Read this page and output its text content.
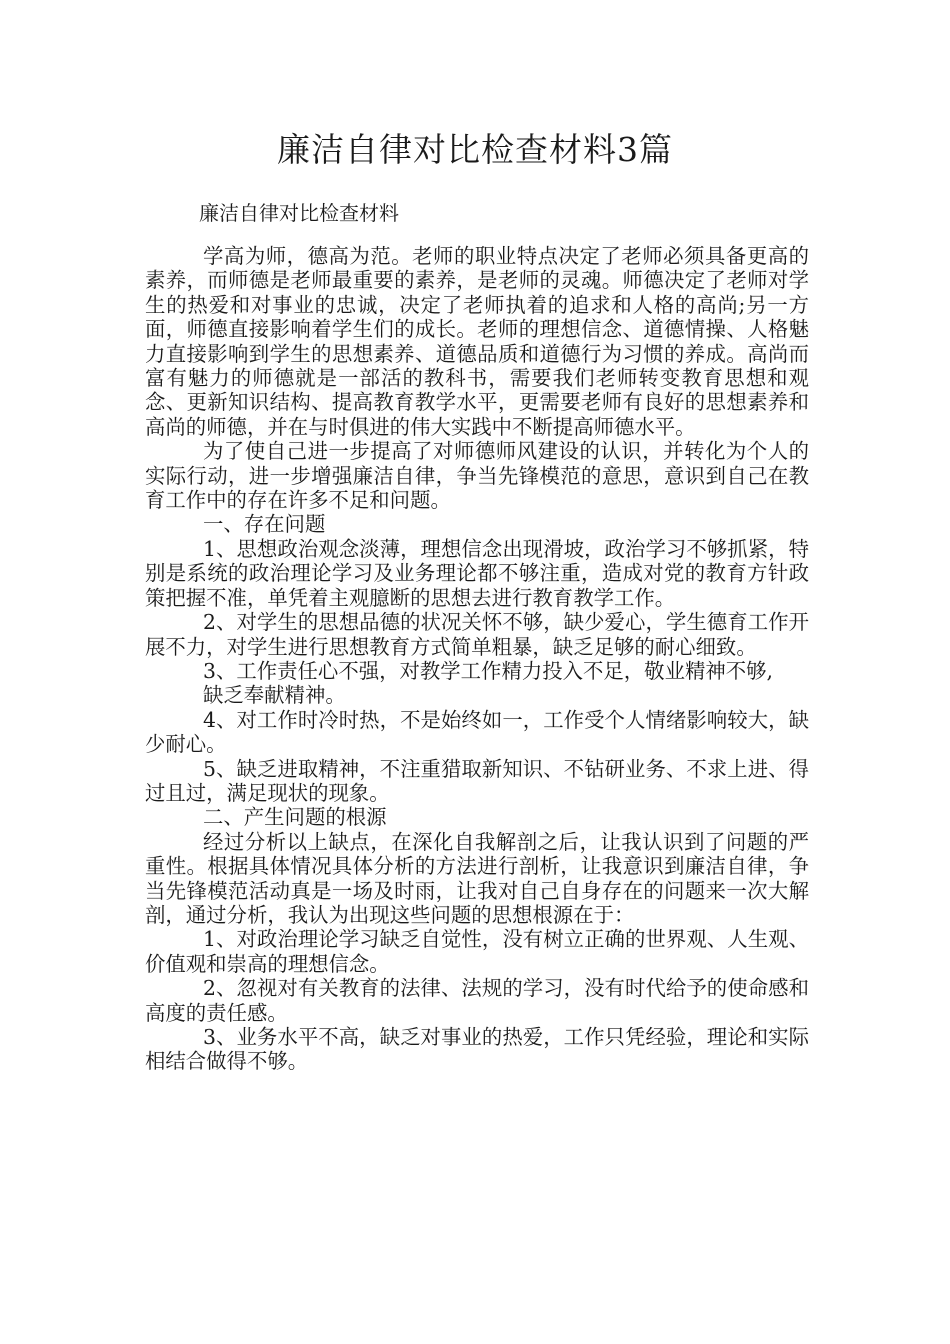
廉洁自律对比检查材料3篇
廉洁自律对比检查材料

学高为师，德高为范。老师的职业特点决定了老师必须具备更高的素养，而师德是老师最重要的素养，是老师的灵魂。师德决定了老师对学生的热爱和对事业的忠诚，决定了老师执着的追求和人格的高尚;另一方面，师德直接影响着学生们的成长。老师的理想信念、道德情操、人格魅力直接影响到学生的思想素养、道德品质和道德行为习惯的养成。高尚而富有魅力的师德就是一部活的教科书，需要我们老师转变教育思想和观念、更新知识结构、提高教育教学水平，更需要老师有良好的思想素养和高尚的师德，并在与时俱进的伟大实践中不断提高师德水平。

为了使自己进一步提高了对师德师风建设的认识，并转化为个人的实际行动，进一步增强廉洁自律，争当先锋模范的意思，意识到自己在教育工作中的存在许多不足和问题。

一、存在问题

1、思想政治观念淡薄，理想信念出现滑坡，政治学习不够抓紧，特别是系统的政治理论学习及业务理论都不够注重，造成对党的教育方针政策把握不准，单凭着主观臆断的思想去进行教育教学工作。

2、对学生的思想品德的状况关怀不够，缺少爱心，学生德育工作开展不力，对学生进行思想教育方式简单粗暴，缺乏足够的耐心细致。

3、工作责任心不强，对教学工作精力投入不足，敬业精神不够,

缺乏奉献精神。

4、对工作时冷时热，不是始终如一，工作受个人情绪影响较大，缺少耐心。

5、缺乏进取精神，不注重猎取新知识、不钻研业务、不求上进、得过且过，满足现状的现象。

二、产生问题的根源

经过分析以上缺点，在深化自我解剖之后，让我认识到了问题的严重性。根据具体情况具体分析的方法进行剖析，让我意识到廉洁自律，争当先锋模范活动真是一场及时雨，让我对自己自身存在的问题来一次大解剖，通过分析，我认为出现这些问题的思想根源在于：

1、对政治理论学习缺乏自觉性，没有树立正确的世界观、人生观、价值观和崇高的理想信念。

2、忽视对有关教育的法律、法规的学习，没有时代给予的使命感和高度的责任感。

3、业务水平不高，缺乏对事业的热爱，工作只凭经验，理论和实际相结合做得不够。
